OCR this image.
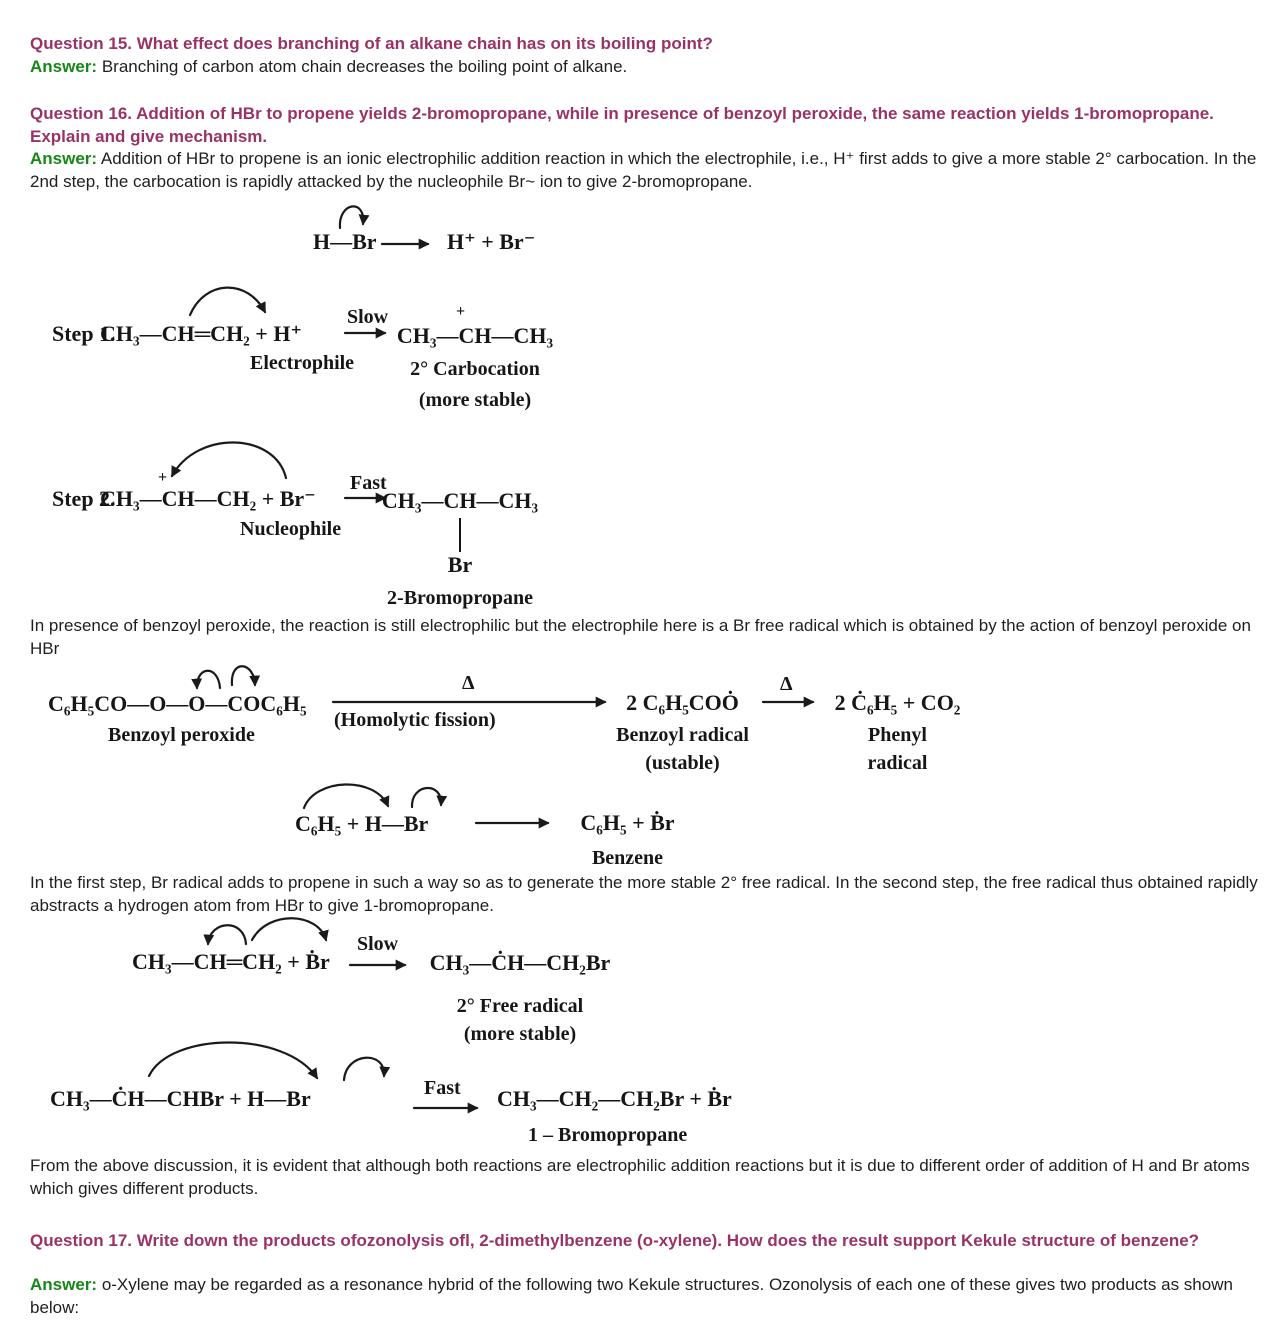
Question 15. What effect does branching of an alkane chain has on its boiling point?
Answer: Branching of carbon atom chain decreases the boiling point of alkane.
Question 16. Addition of HBr to propene yields 2-bromopropane, while in presence of benzoyl peroxide, the same reaction yields 1-bromopropane. Explain and give mechanism.
Answer: Addition of HBr to propene is an ionic electrophilic addition reaction in which the electrophile, i.e., H⁺ first adds to give a more stable 2° carbocation. In the 2nd step, the carbocation is rapidly attacked by the nucleophile Br~ ion to give 2-bromopropane.
H—Br → H⁺ + Br⁻
Step 1.
CH₃—CH═CH₂ + H⁺
Electrophile
Slow	+
CH₃—CH—CH₃
2° Carbocation
(more stable)
Step 2.
+
CH₃—CH—CH₂ + Br⁻
Nucleophile
Fast
CH₃—CH—CH₃
Br
2-Bromopropane
In presence of benzoyl peroxide, the reaction is still electrophilic but the electrophile here is a Br free radical which is obtained by the action of benzoyl peroxide on HBr
C₆H₅CO—O—O—COC₆H₅
Benzoyl peroxide
Δ
(Homolytic fission)
2 C₆H₅COȮ
Benzoyl radical
(ustable)
Δ
→ 2 Ċ₆H₅ + CO₂
Phenyl
radical
C₆H₅ + H—Br	C₆H₅ + Ḃr
Benzene
In the first step, Br radical adds to propene in such a way so as to generate the more stable 2° free radical. In the second step, the free radical thus obtained rapidly abstracts a hydrogen atom from HBr to give 1-bromopropane.
CH₃—CH═CH₂ + Ḃr
Slow
CH₃—ĊH—CH₂Br
2° Free radical
(more stable)
CH₃—ĊH—CHBr + H—Br	Fast CH₃—CH₂—CH₂Br + Ḃr
1 – Bromopropane
From the above discussion, it is evident that although both reactions are electrophilic addition reactions but it is due to different order of addition of H and Br atoms which gives different products.
Question 17. Write down the products ofozonolysis ofl, 2-dimethylbenzene (o-xylene). How does the result support Kekule structure of benzene?
Answer: o-Xylene may be regarded as a resonance hybrid of the following two Kekule structures. Ozonolysis of each one of these gives two products as shown below:
